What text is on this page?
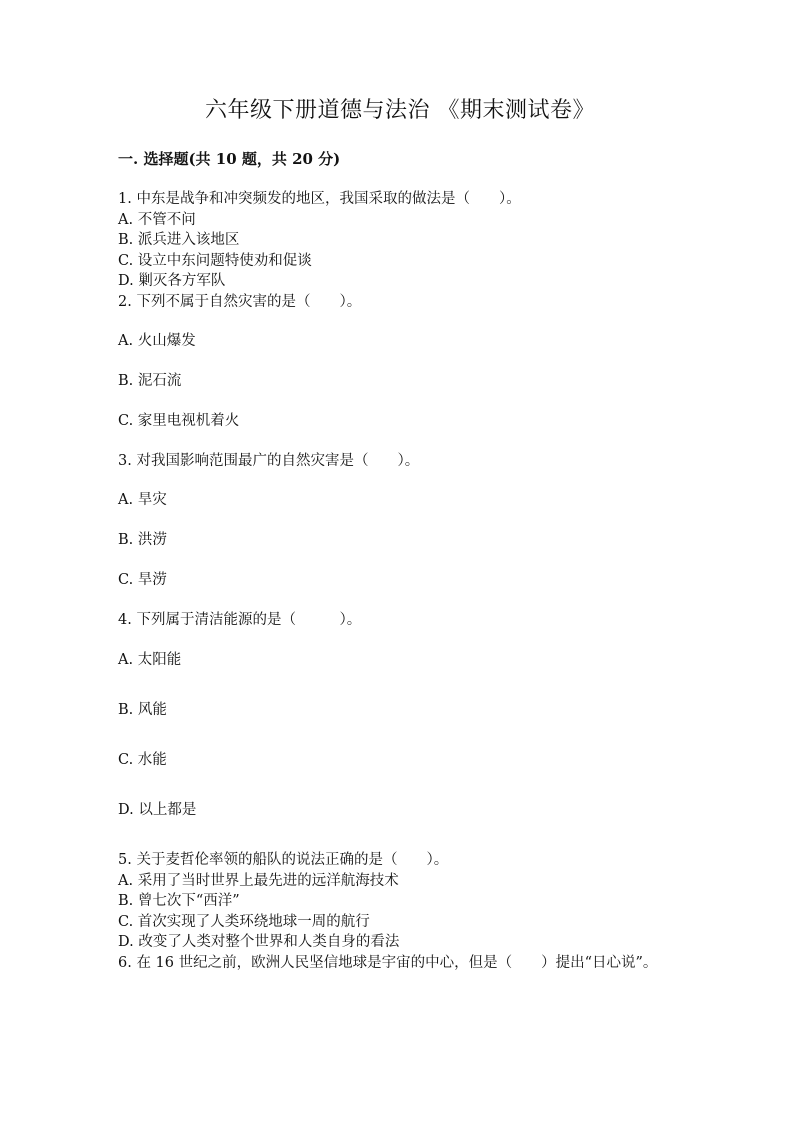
六年级下册道德与法治 《期末测试卷》
一. 选择题(共 10 题，共 20 分)
1. 中东是战争和冲突频发的地区，我国采取的做法是（　　）。
A. 不管不问
B. 派兵进入该地区
C. 设立中东问题特使劝和促谈
D. 剿灭各方军队
2. 下列不属于自然灾害的是（　　）。
A. 火山爆发
B. 泥石流
C. 家里电视机着火
3. 对我国影响范围最广的自然灾害是（　　）。
A. 旱灾
B. 洪涝
C. 旱涝
4. 下列属于清洁能源的是（　　　）。
A. 太阳能
B. 风能
C. 水能
D. 以上都是
5. 关于麦哲伦率领的船队的说法正确的是（　　）。
A. 采用了当时世界上最先进的远洋航海技术
B. 曾七次下“西洋”
C. 首次实现了人类环绕地球一周的航行
D. 改变了人类对整个世界和人类自身的看法
6. 在 16 世纪之前，欧洲人民坚信地球是宇宙的中心，但是（　　）提出“日心说”。
